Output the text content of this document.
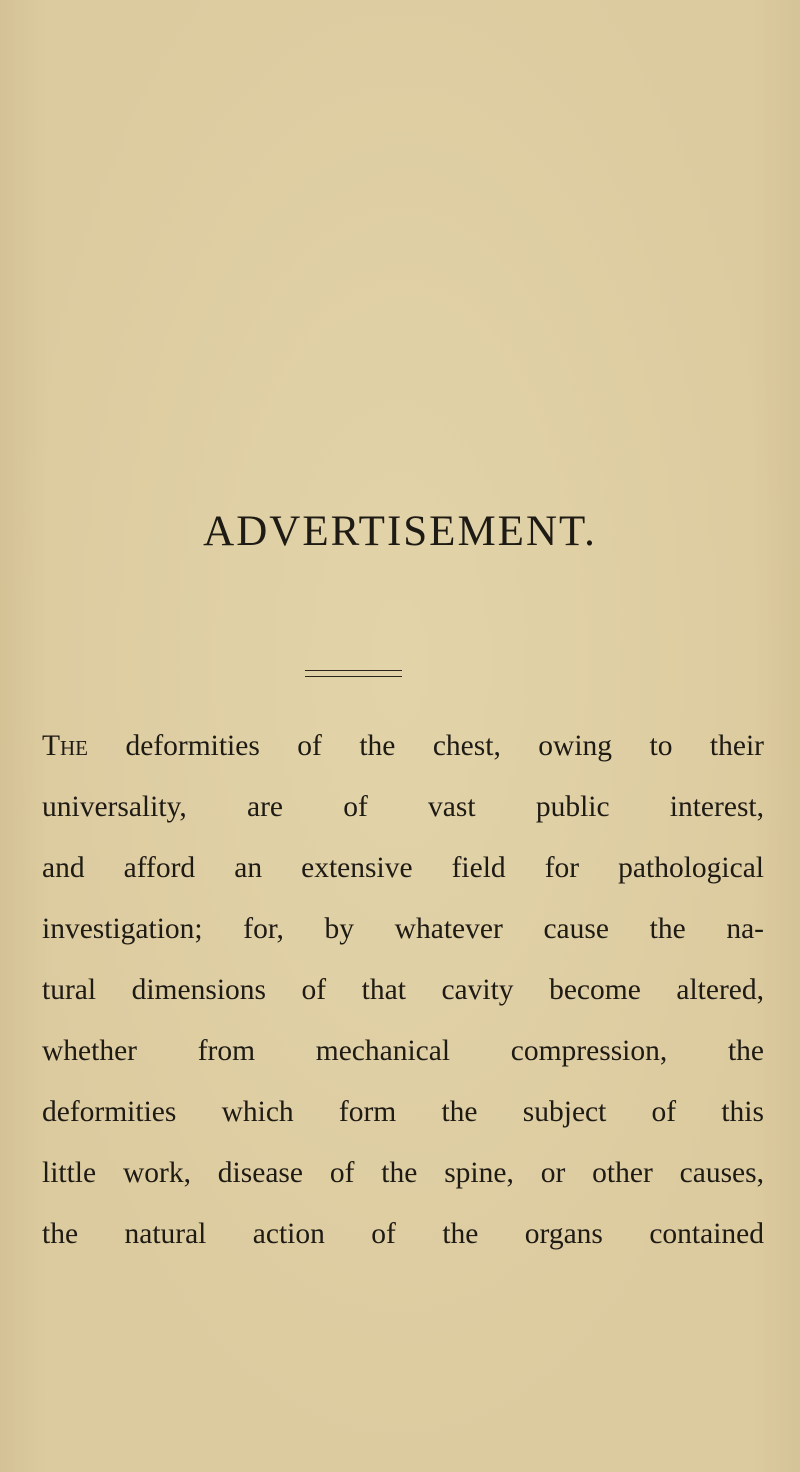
ADVERTISEMENT.
The deformities of the chest, owing to their
universality, are of vast public interest,
and afford an extensive field for pathological
investigation; for, by whatever cause the na-
tural dimensions of that cavity become altered,
whether from mechanical compression, the
deformities which form the subject of this
little work, disease of the spine, or other causes,
the natural action of the organs contained
